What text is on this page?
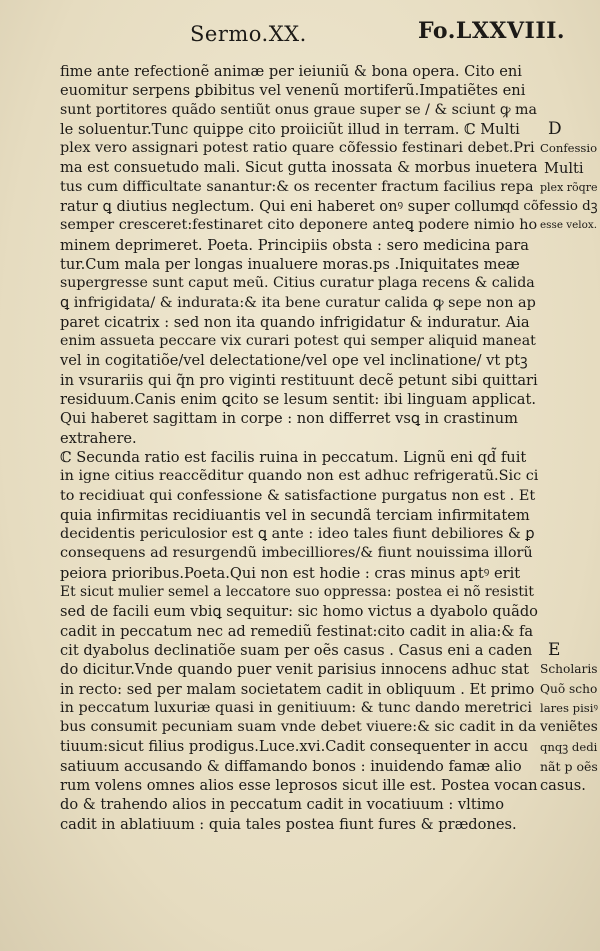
Sermo.XX.	Fo.LXXVIII.
fime ante refectionẽ animæ per ieiuniũ & bona opera. Cito eni
euomitur serpens ꝑbibitus vel venenũ mortiferũ.Impatiẽtes eni
sunt portitores quãdo sentiũt onus graue super se / & sciunt ꝙ ma
le soluentur.Tunc quippe cito proiiciũt illud in terram. ℂ Multi
plex vero assignari potest ratio quare cõfessio festinari debet.Pri
ma est consuetudo mali. Sicut gutta inossata & morbus inuetera
tus cum difficultate sanantur:& os recenter fractum facilius repa
ratur ꝗ diutius neglectum. Qui eni haberet onꝰ super collum
semper cresceret:festinaret cito deponere anteꝗ podere nimio ho
minem deprimeret. Poeta. Principiis obsta : sero medicina para
tur.Cum mala per longas inualuere moras.ps .Iniquitates meæ
supergresse sunt caput meũ. Citius curatur plaga recens & calida
ꝗ infrigidata/ & indurata:& ita bene curatur calida ꝙ sepe non ap
paret cicatrix : sed non ita quando infrigidatur & induratur. Aia
enim assueta peccare vix curari potest qui semper aliquid maneat
vel in cogitatiõe/vel delectatione/vel ope vel inclinatione/ vt ptꝫ
in vsurariis qui q̃n pro viginti restituunt decẽ petunt sibi quittari
residuum.Canis enim ꝗcito se lesum sentit: ibi linguam applicat.
Qui haberet sagittam in corpe : non differret vsꝗ in crastinum
extrahere.
ℂ Secunda ratio est facilis ruina in peccatum. Lignũ eni qd̃ fuit
in igne citius reaccẽditur quando non est adhuc refrigeratũ.Sic ci
to recidiuat qui confessione & satisfactione purgatus non est . Et
quia infirmitas recidiuantis vel in secundã terciam infirmitatem
decidentis periculosior est ꝗ ante : ideo tales fiunt debiliores & ꝑ
consequens ad resurgendũ imbecilliores/& fiunt nouissima illorũ
peiora prioribus.Poeta.Qui non est hodie : cras minus aptꝰ erit
Et sicut mulier semel a leccatore suo oppressa: postea ei nõ resistit
sed de facili eum vbiꝗ sequitur: sic homo victus a dyabolo quãdo
cadit in peccatum nec ad remediũ festinat:cito cadit in alia:& fa
cit dyabolus declinatiõe suam per oẽs casus . Casus eni a caden
do dicitur.Vnde quando puer venit parisius innocens adhuc stat
in recto: sed per malam societatem cadit in obliquum . Et primo
in peccatum luxuriæ quasi in genitiuum: & tunc dando meretrici
bus consumit pecuniam suam vnde debet viuere:& sic cadit in da
tiuum:sicut filius prodigus.Luce.xvi.Cadit consequenter in accu
satiuum accusando & diffamando bonos : inuidendo famæ alio
rum volens omnes alios esse leprosos sicut ille est. Postea vocan
do & trahendo alios in peccatum cadit in vocatiuum : vltimo
cadit in ablatiuum : quia tales postea fiunt fures & prædones.
D
Confessio
Multi
plex rõqre
qd cõfessio dꝫ
esse velox.
E
Scholaris
Quõ scho
lares pisiꝰ
veniẽtes
qnqꝫ dedi
nãt p oẽs
casus.
